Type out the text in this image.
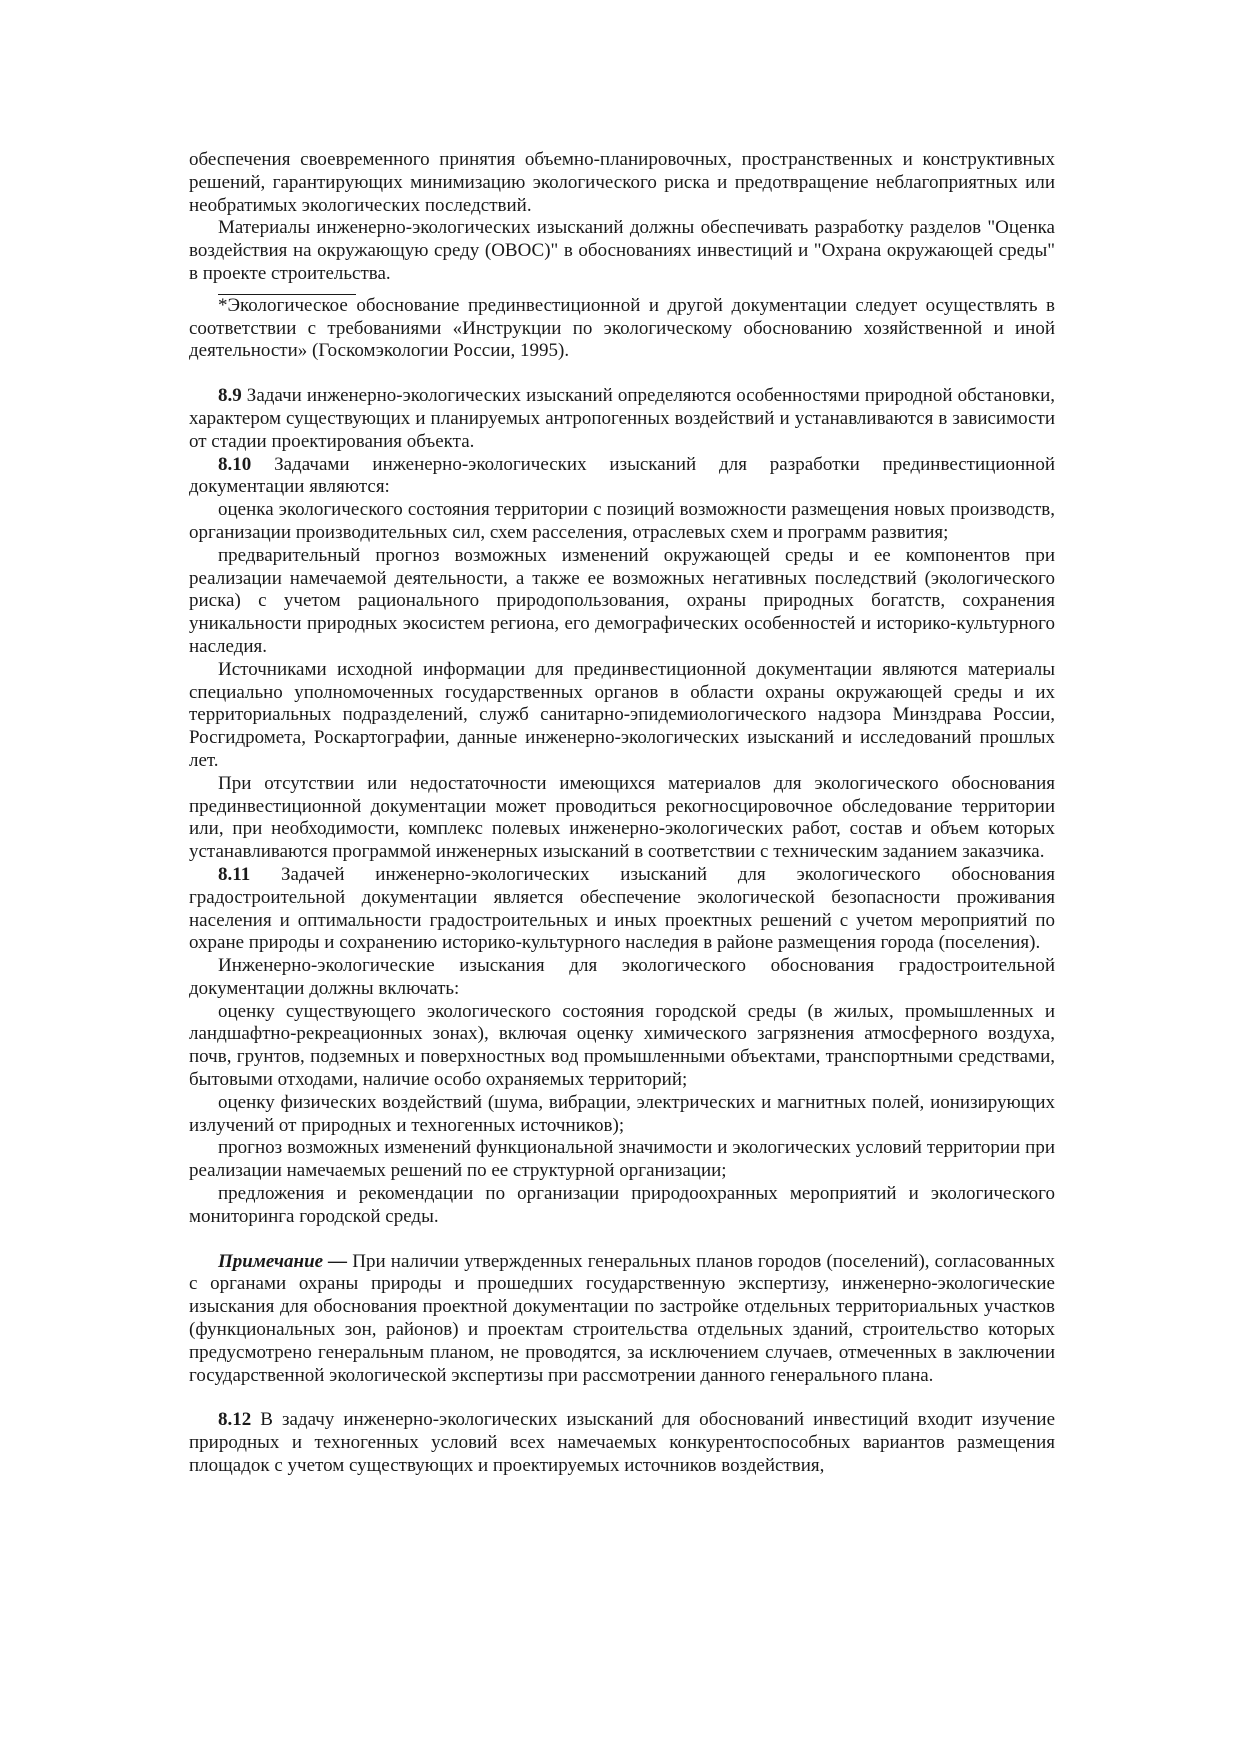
обеспечения своевременного принятия объемно-планировочных, пространственных и конструктивных решений, гарантирующих минимизацию экологического риска и предотвращение неблагоприятных или необратимых экологических последствий.

Материалы инженерно-экологических изысканий должны обеспечивать разработку разделов "Оценка воздействия на окружающую среду (ОВОС)" в обоснованиях инвестиций и "Охрана окружающей среды" в проекте строительства.

*Экологическое обоснование прединвестиционной и другой документации следует осуществлять в соответствии с требованиями «Инструкции по экологическому обоснованию хозяйственной и иной деятельности» (Госкомэкологии России, 1995).

8.9 Задачи инженерно-экологических изысканий определяются особенностями природной обстановки, характером существующих и планируемых антропогенных воздействий и устанавливаются в зависимости от стадии проектирования объекта.

8.10 Задачами инженерно-экологических изысканий для разработки прединвестиционной документации являются:

оценка экологического состояния территории с позиций возможности размещения новых производств, организации производительных сил, схем расселения, отраслевых схем и программ развития;

предварительный прогноз возможных изменений окружающей среды и ее компонентов при реализации намечаемой деятельности, а также ее возможных негативных последствий (экологического риска) с учетом рационального природопользования, охраны природных богатств, сохранения уникальности природных экосистем региона, его демографических особенностей и историко-культурного наследия.

Источниками исходной информации для прединвестиционной документации являются материалы специально уполномоченных государственных органов в области охраны окружающей среды и их территориальных подразделений, служб санитарно-эпидемиологического надзора Минздрава России, Росгидромета, Роскартографии, данные инженерно-экологических изысканий и исследований прошлых лет.

При отсутствии или недостаточности имеющихся материалов для экологического обоснования прединвестиционной документации может проводиться рекогносцировочное обследование территории или, при необходимости, комплекс полевых инженерно-экологических работ, состав и объем которых устанавливаются программой инженерных изысканий в соответствии с техническим заданием заказчика.

8.11 Задачей инженерно-экологических изысканий для экологического обоснования градостроительной документации является обеспечение экологической безопасности проживания населения и оптимальности градостроительных и иных проектных решений с учетом мероприятий по охране природы и сохранению историко-культурного наследия в районе размещения города (поселения).

Инженерно-экологические изыскания для экологического обоснования градостроительной документации должны включать:

оценку существующего экологического состояния городской среды (в жилых, промышленных и ландшафтно-рекреационных зонах), включая оценку химического загрязнения атмосферного воздуха, почв, грунтов, подземных и поверхностных вод промышленными объектами, транспортными средствами, бытовыми отходами, наличие особо охраняемых территорий;

оценку физических воздействий (шума, вибрации, электрических и магнитных полей, ионизирующих излучений от природных и техногенных источников);

прогноз возможных изменений функциональной значимости и экологических условий территории при реализации намечаемых решений по ее структурной организации;

предложения и рекомендации по организации природоохранных мероприятий и экологического мониторинга городской среды.

Примечание — При наличии утвержденных генеральных планов городов (поселений), согласованных с органами охраны природы и прошедших государственную экспертизу, инженерно-экологические изыскания для обоснования проектной документации по застройке отдельных территориальных участков (функциональных зон, районов) и проектам строительства отдельных зданий, строительство которых предусмотрено генеральным планом, не проводятся, за исключением случаев, отмеченных в заключении государственной экологической экспертизы при рассмотрении данного генерального плана.

8.12 В задачу инженерно-экологических изысканий для обоснований инвестиций входит изучение природных и техногенных условий всех намечаемых конкурентоспособных вариантов размещения площадок с учетом существующих и проектируемых источников воздействия,
